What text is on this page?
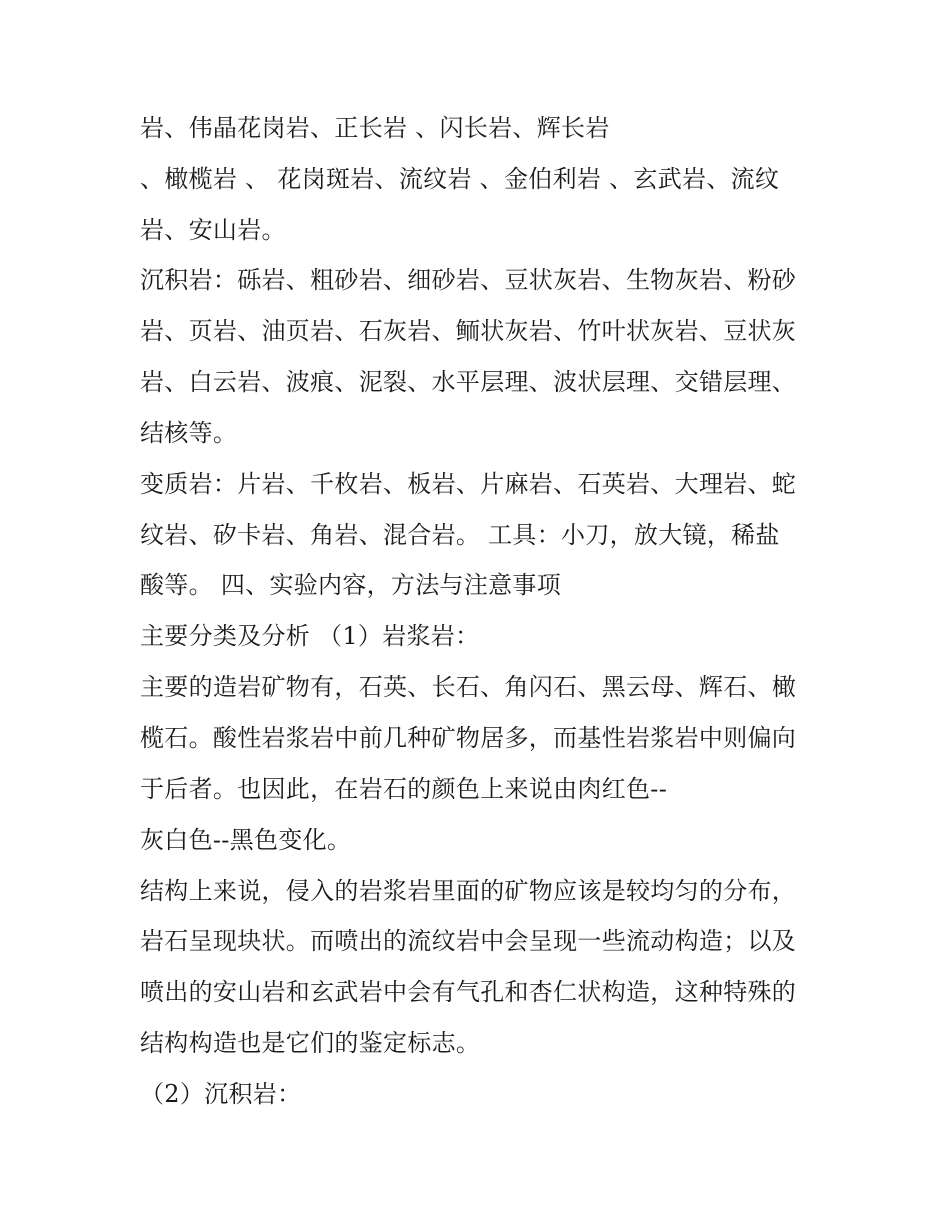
岩、伟晶花岗岩、正长岩 、闪长岩、辉长岩
、橄榄岩 、 花岗斑岩、流纹岩 、金伯利岩 、玄武岩、流纹
岩、安山岩。
沉积岩：砾岩、粗砂岩、细砂岩、豆状灰岩、生物灰岩、粉砂
岩、页岩、油页岩、石灰岩、鲕状灰岩、竹叶状灰岩、豆状灰
岩、白云岩、波痕、泥裂、水平层理、波状层理、交错层理、
结核等。
变质岩：片岩、千枚岩、板岩、片麻岩、石英岩、大理岩、蛇
纹岩、矽卡岩、角岩、混合岩。 工具：小刀，放大镜，稀盐
酸等。 四、实验内容，方法与注意事项
主要分类及分析 （1）岩浆岩：
主要的造岩矿物有，石英、长石、角闪石、黑云母、辉石、橄
榄石。酸性岩浆岩中前几种矿物居多，而基性岩浆岩中则偏向
于后者。也因此，在岩石的颜色上来说由肉红色--
灰白色--黑色变化。
结构上来说，侵入的岩浆岩里面的矿物应该是较均匀的分布，
岩石呈现块状。而喷出的流纹岩中会呈现一些流动构造；以及
喷出的安山岩和玄武岩中会有气孔和杏仁状构造，这种特殊的
结构构造也是它们的鉴定标志。
（2）沉积岩：
